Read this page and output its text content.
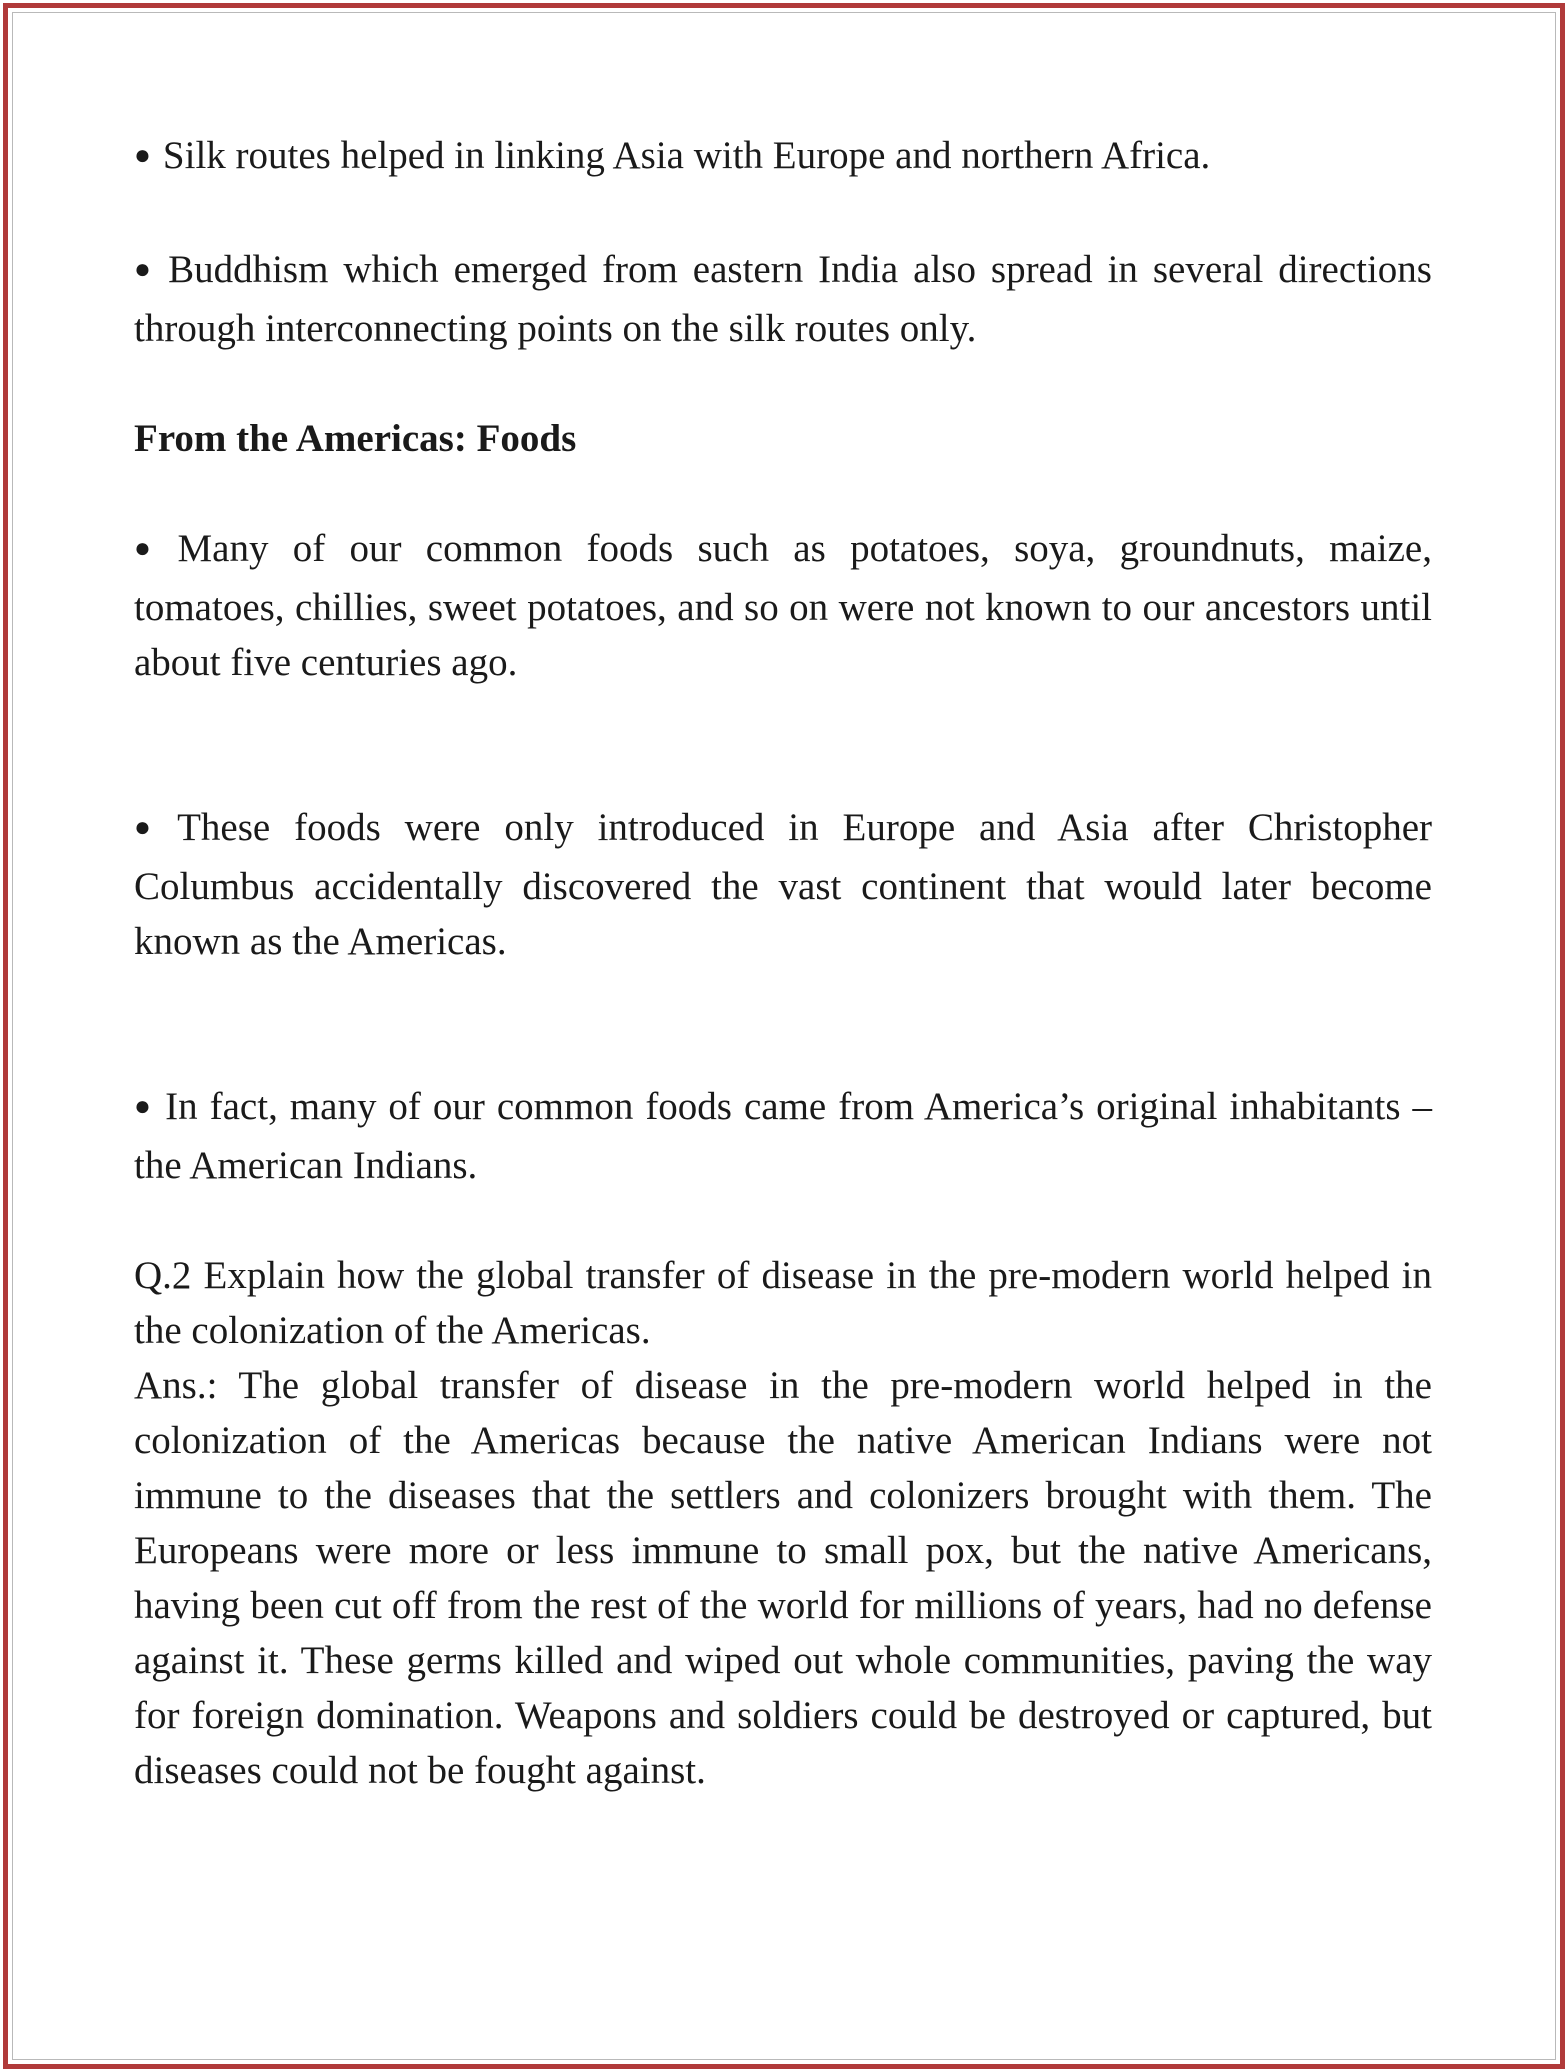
● Silk routes helped in linking Asia with Europe and northern Africa.

● Buddhism which emerged from eastern India also spread in several directions through interconnecting points on the silk routes only.

From the Americas: Foods

● Many of our common foods such as potatoes, soya, groundnuts, maize, tomatoes, chillies, sweet potatoes, and so on were not known to our ancestors until about five centuries ago.

● These foods were only introduced in Europe and Asia after Christopher Columbus accidentally discovered the vast continent that would later become known as the Americas.

● In fact, many of our common foods came from America’s original inhabitants – the American Indians.

Q.2 Explain how the global transfer of disease in the pre-modern world helped in the colonization of the Americas.

Ans.: The global transfer of disease in the pre-modern world helped in the colonization of the Americas because the native American Indians were not immune to the diseases that the settlers and colonizers brought with them. The Europeans were more or less immune to small pox, but the native Americans, having been cut off from the rest of the world for millions of years, had no defense against it. These germs killed and wiped out whole communities, paving the way for foreign domination. Weapons and soldiers could be destroyed or captured, but diseases could not be fought against.
